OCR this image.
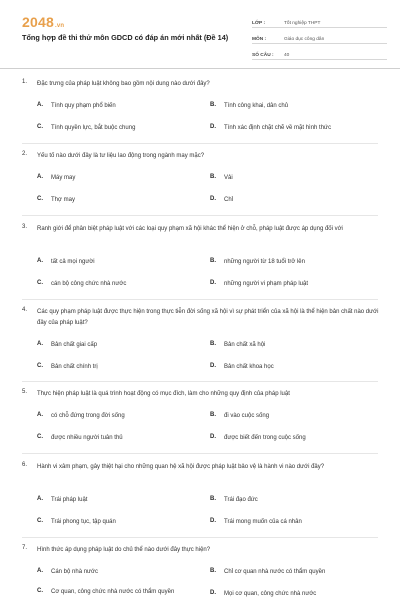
2048.vn
Tổng hợp đề thi thử môn GDCD có đáp án mới nhất (Đề 14)
LỚP :	Tốt nghiệp THPT
MÔN :	Giáo dục công dân
SỐ CÂU :	40
1. Đặc trưng của pháp luật không bao gồm nội dung nào dưới đây?
A. Tính quy phạm phổ biến	B. Tính công khai, dân chủ
C. Tính quyền lực, bắt buộc chung	D. Tính xác định chặt chẽ về mặt hình thức
2. Yếu tố nào dưới đây là tư liệu lao động trong ngành may mặc?
A. Máy may	B. Vải
C. Thợ may	D. Chỉ
3. Ranh giới để phân biệt pháp luật với các loại quy phạm xã hội khác thể hiện ở chỗ, pháp luật được áp dụng đối với
A. tất cả mọi người	B. những người từ 18 tuổi trở lên
C. cán bộ công chức nhà nước	D. những người vi phạm pháp luật
4. Các quy phạm pháp luật được thực hiện trong thực tiễn đời sống xã hội vì sự phát triển của xã hội là thể hiện bản chất nào dưới đây của pháp luật?
A. Bản chất giai cấp	B. Bản chất xã hội
C. Bản chất chính trị	D. Bản chất khoa học
5. Thực hiện pháp luật là quá trình hoạt động có mục đích, làm cho những quy định của pháp luật
A. có chỗ đứng trong đời sống	B. đi vào cuộc sống
C. được nhiều người tuân thủ	D. được biết đến trong cuộc sống
6. Hành vi xâm phạm, gây thiệt hại cho những quan hệ xã hội được pháp luật bảo vệ là hành vi nào dưới đây?
A. Trái pháp luật	B. Trái đạo đức
C. Trái phong tục, tập quán	D. Trái mong muốn của cá nhân
7. Hình thức áp dụng pháp luật do chủ thể nào dưới đây thực hiện?
A. Cán bộ nhà nước	B. Chỉ cơ quan nhà nước có thẩm quyền
C. Cơ quan, công chức nhà nước có thẩm quyền	D. Mọi cơ quan, công chức nhà nước
